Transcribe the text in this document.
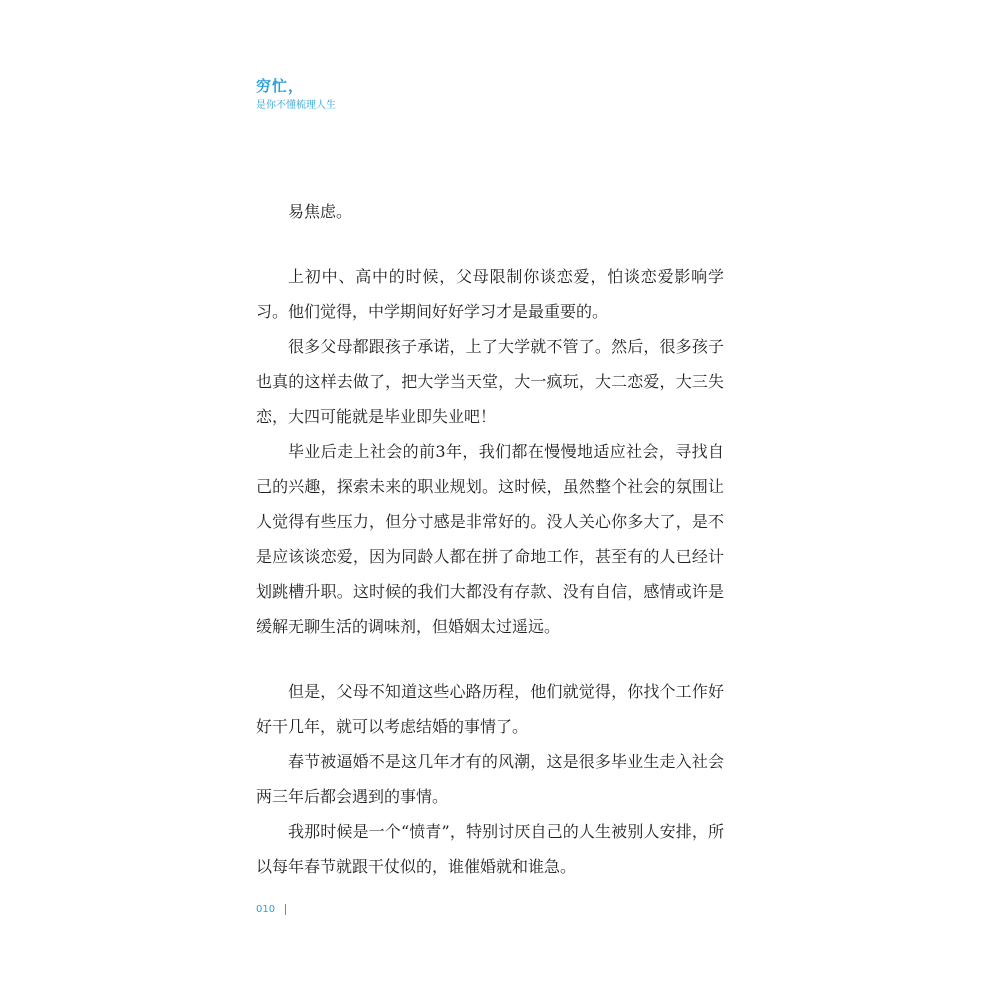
穷忙，
是你不懂梳理人生

易焦虑。

上初中、高中的时候，父母限制你谈恋爱，怕谈恋爱影响学习。他们觉得，中学期间好好学习才是最重要的。

很多父母都跟孩子承诺，上了大学就不管了。然后，很多孩子也真的这样去做了，把大学当天堂，大一疯玩，大二恋爱，大三失恋，大四可能就是毕业即失业吧！

毕业后走上社会的前3年，我们都在慢慢地适应社会，寻找自己的兴趣，探索未来的职业规划。这时候，虽然整个社会的氛围让人觉得有些压力，但分寸感是非常好的。没人关心你多大了，是不是应该谈恋爱，因为同龄人都在拼了命地工作，甚至有的人已经计划跳槽升职。这时候的我们大都没有存款、没有自信，感情或许是缓解无聊生活的调味剂，但婚姻太过遥远。

但是，父母不知道这些心路历程，他们就觉得，你找个工作好好干几年，就可以考虑结婚的事情了。

春节被逼婚不是这几年才有的风潮，这是很多毕业生走入社会两三年后都会遇到的事情。

我那时候是一个“愤青”，特别讨厌自己的人生被别人安排，所以每年春节就跟干仗似的，谁催婚就和谁急。

010
